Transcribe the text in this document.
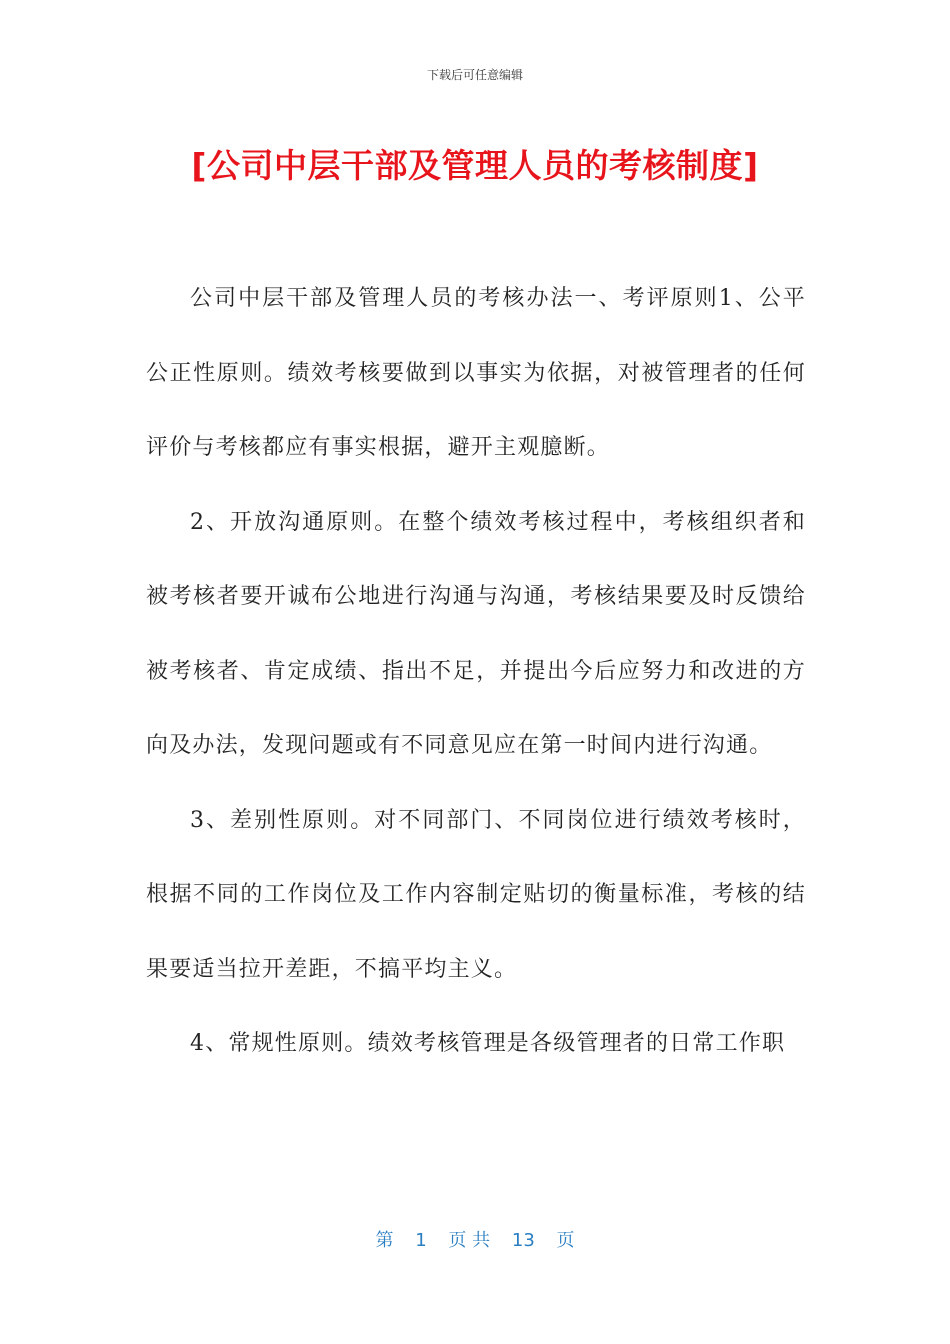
下载后可任意编辑
[公司中层干部及管理人员的考核制度]

公司中层干部及管理人员的考核办法一、考评原则1、公平公正性原则。绩效考核要做到以事实为依据，对被管理者的任何评价与考核都应有事实根据，避开主观臆断。

2、开放沟通原则。在整个绩效考核过程中，考核组织者和被考核者要开诚布公地进行沟通与沟通，考核结果要及时反馈给被考核者、肯定成绩、指出不足，并提出今后应努力和改进的方向及办法，发现问题或有不同意见应在第一时间内进行沟通。

3、差别性原则。对不同部门、不同岗位进行绩效考核时，根据不同的工作岗位及工作内容制定贴切的衡量标准，考核的结果要适当拉开差距，不搞平均主义。

4、常规性原则。绩效考核管理是各级管理者的日常工作职

第 1 页 共 13 页
